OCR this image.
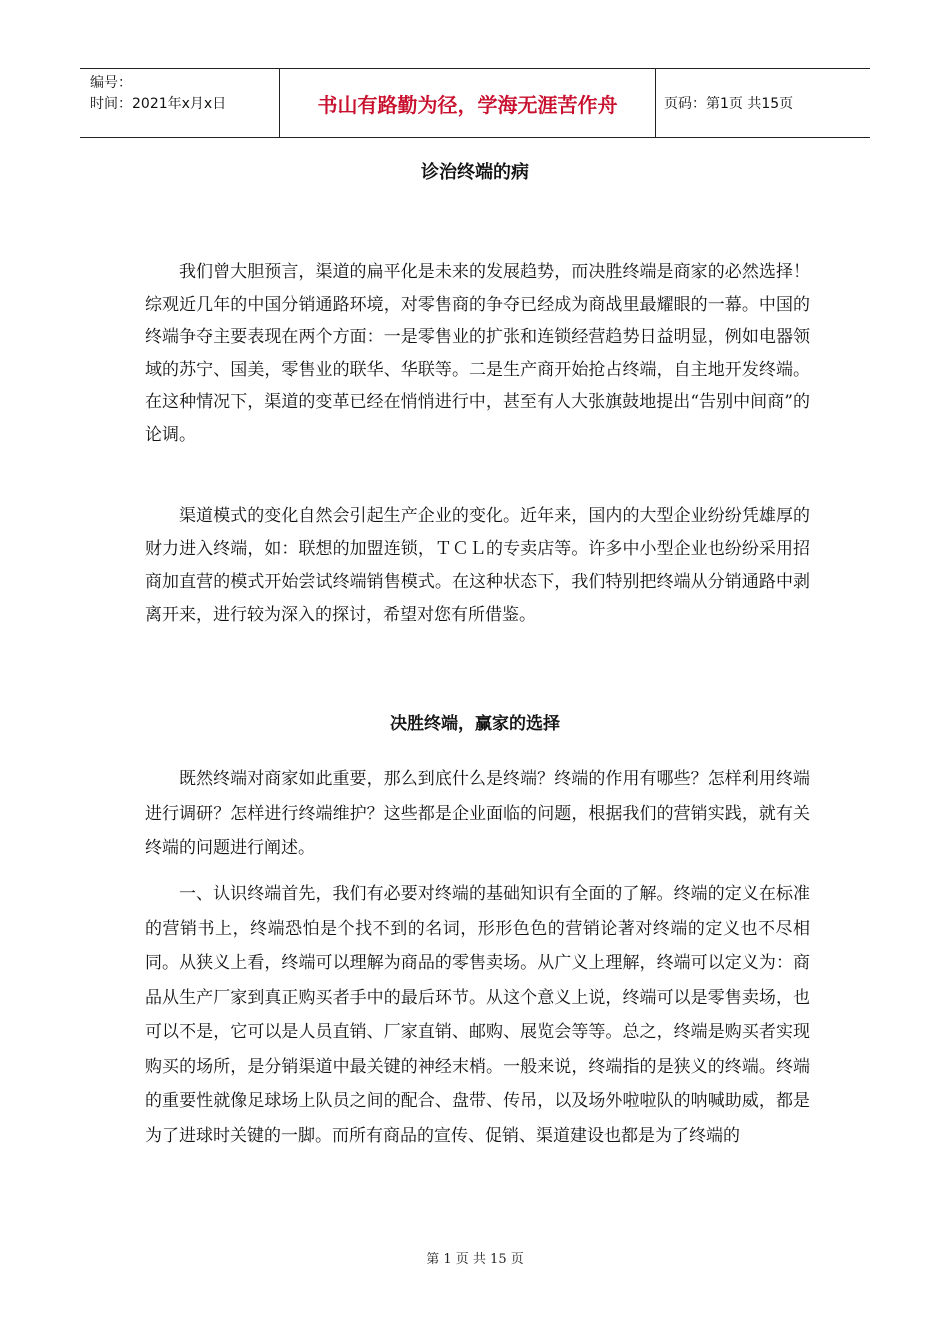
编号：
时间：2021年x月x日	书山有路勤为径，学海无涯苦作舟	页码：第1页 共15页
诊治终端的病

我们曾大胆预言，渠道的扁平化是未来的发展趋势，而决胜终端是商家的必然选择！综观近几年的中国分销通路环境，对零售商的争夺已经成为商战里最耀眼的一幕。中国的终端争夺主要表现在两个方面：一是零售业的扩张和连锁经营趋势日益明显，例如电器领域的苏宁、国美，零售业的联华、华联等。二是生产商开始抢占终端，自主地开发终端。在这种情况下，渠道的变革已经在悄悄进行中，甚至有人大张旗鼓地提出“告别中间商”的论调。

渠道模式的变化自然会引起生产企业的变化。近年来，国内的大型企业纷纷凭雄厚的财力进入终端，如：联想的加盟连锁，ＴＣＬ的专卖店等。许多中小型企业也纷纷采用招商加直营的模式开始尝试终端销售模式。在这种状态下，我们特别把终端从分销通路中剥离开来，进行较为深入的探讨，希望对您有所借鉴。

决胜终端，赢家的选择

既然终端对商家如此重要，那么到底什么是终端？终端的作用有哪些？怎样利用终端进行调研？怎样进行终端维护？这些都是企业面临的问题，根据我们的营销实践，就有关终端的问题进行阐述。

一、认识终端首先，我们有必要对终端的基础知识有全面的了解。终端的定义在标准的营销书上，终端恐怕是个找不到的名词，形形色色的营销论著对终端的定义也不尽相同。从狭义上看，终端可以理解为商品的零售卖场。从广义上理解，终端可以定义为：商品从生产厂家到真正购买者手中的最后环节。从这个意义上说，终端可以是零售卖场，也可以不是，它可以是人员直销、厂家直销、邮购、展览会等等。总之，终端是购买者实现购买的场所，是分销渠道中最关键的神经末梢。一般来说，终端指的是狭义的终端。终端的重要性就像足球场上队员之间的配合、盘带、传吊，以及场外啦啦队的呐喊助威，都是为了进球时关键的一脚。而所有商品的宣传、促销、渠道建设也都是为了终端的

第 1 页 共 15 页
